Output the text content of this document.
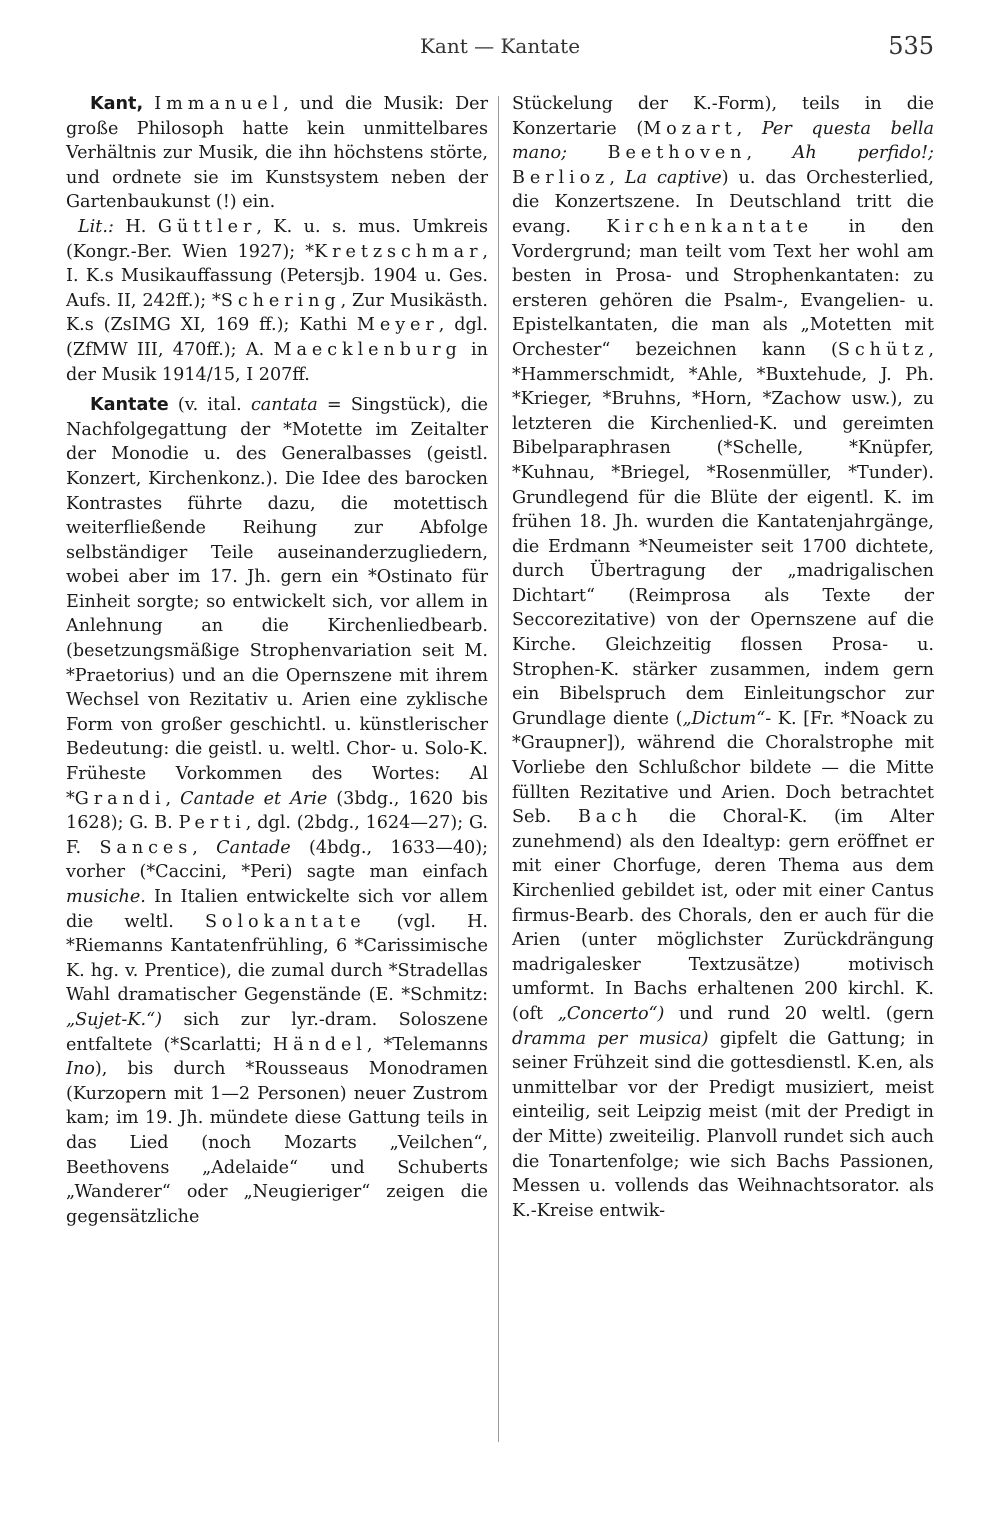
Kant — Kantate	535

Kant, Immanuel, und die Musik: Der große Philosoph hatte kein unmittelbares Verhältnis zur Musik, die ihn höchstens störte, und ordnete sie im Kunstsystem neben der Gartenbaukunst (!) ein.

Lit.: H. Güttler, K. u. s. mus. Umkreis (Kongr.-Ber. Wien 1927); *Kretzschmar, I. K.s Musikauffassung (Petersjb. 1904 u. Ges. Aufs. II, 242ff.); *Schering, Zur Musikästh. K.s (ZsIMG XI, 169 ff.); Kathi Meyer, dgl. (ZfMW III, 470ff.); A. Maecklenburg in der Musik 1914/15, I 207ff.

Kantate (v. ital. cantata = Singstück), die Nachfolgegattung der *Motette im Zeitalter der Monodie u. des Generalbasses (geistl. Konzert, Kirchenkonz.). Die Idee des barocken Kontrastes führte dazu, die motettisch weiterfließende Reihung zur Abfolge selbständiger Teile auseinanderzugliedern, wobei aber im 17. Jh. gern ein *Ostinato für Einheit sorgte; so entwickelt sich, vor allem in Anlehnung an die Kirchenliedbearb. (besetzungsmäßige Strophenvariation seit M. *Praetorius) und an die Opernszene mit ihrem Wechsel von Rezitativ u. Arien eine zyklische Form von großer geschichtl. u. künstlerischer Bedeutung: die geistl. u. weltl. Chor- u. Solo-K. Früheste Vorkommen des Wortes: Al *Grandi, Cantade et Arie (3bdg., 1620 bis 1628); G. B. Perti, dgl. (2bdg., 1624—27); G. F. Sances, Cantade (4bdg., 1633—40); vorher (*Caccini, *Peri) sagte man einfach musiche. In Italien entwickelte sich vor allem die weltl. Solokantate (vgl. H. *Riemanns Kantatenfrühling, 6 *Carissimische K. hg. v. Prentice), die zumal durch *Stradellas Wahl dramatischer Gegenstände (E. *Schmitz: „Sujet-K.“) sich zur lyr.-dram. Soloszene entfaltete (*Scarlatti; Händel, *Telemanns Ino), bis durch *Rousseaus Monodramen (Kurzopern mit 1—2 Personen) neuer Zustrom kam; im 19. Jh. mündete diese Gattung teils in das Lied (noch Mozarts „Veilchen“, Beethovens „Adelaide“ und Schuberts „Wanderer“ oder „Neugieriger“ zeigen die gegensätzliche

Stückelung der K.-Form), teils in die Konzertarie (Mozart, Per questa bella mano; Beethoven, Ah perfido!; Berlioz, La captive) u. das Orchesterlied, die Konzertszene. In Deutschland tritt die evang. Kirchenkantate in den Vordergrund; man teilt vom Text her wohl am besten in Prosa- und Strophenkantaten: zu ersteren gehören die Psalm-, Evangelien- u. Epistelkantaten, die man als „Motetten mit Orchester“ bezeichnen kann (Schütz, *Hammerschmidt, *Ahle, *Buxtehude, J. Ph. *Krieger, *Bruhns, *Horn, *Zachow usw.), zu letzteren die Kirchenlied-K. und gereimten Bibelparaphrasen (*Schelle, *Knüpfer, *Kuhnau, *Briegel, *Rosenmüller, *Tunder). Grundlegend für die Blüte der eigentl. K. im frühen 18. Jh. wurden die Kantatenjahrgänge, die Erdmann *Neumeister seit 1700 dichtete, durch Übertragung der „madrigalischen Dichtart“ (Reimprosa als Texte der Seccorezitative) von der Opernszene auf die Kirche. Gleichzeitig flossen Prosa- u. Strophen-K. stärker zusammen, indem gern ein Bibelspruch dem Einleitungschor zur Grundlage diente („Dictum“- K. [Fr. *Noack zu *Graupner]), während die Choralstrophe mit Vorliebe den Schlußchor bildete — die Mitte füllten Rezitative und Arien. Doch betrachtet Seb. Bach die Choral-K. (im Alter zunehmend) als den Idealtyp: gern eröffnet er mit einer Chorfuge, deren Thema aus dem Kirchenlied gebildet ist, oder mit einer Cantus firmus-Bearb. des Chorals, den er auch für die Arien (unter möglichster Zurückdrängung madrigalesker Textzusätze) motivisch umformt. In Bachs erhaltenen 200 kirchl. K. (oft „Concerto“) und rund 20 weltl. (gern dramma per musica) gipfelt die Gattung; in seiner Frühzeit sind die gottesdienstl. K.en, als unmittelbar vor der Predigt musiziert, meist einteilig, seit Leipzig meist (mit der Predigt in der Mitte) zweiteilig. Planvoll rundet sich auch die Tonartenfolge; wie sich Bachs Passionen, Messen u. vollends das Weihnachtsorator. als K.-Kreise entwik-
